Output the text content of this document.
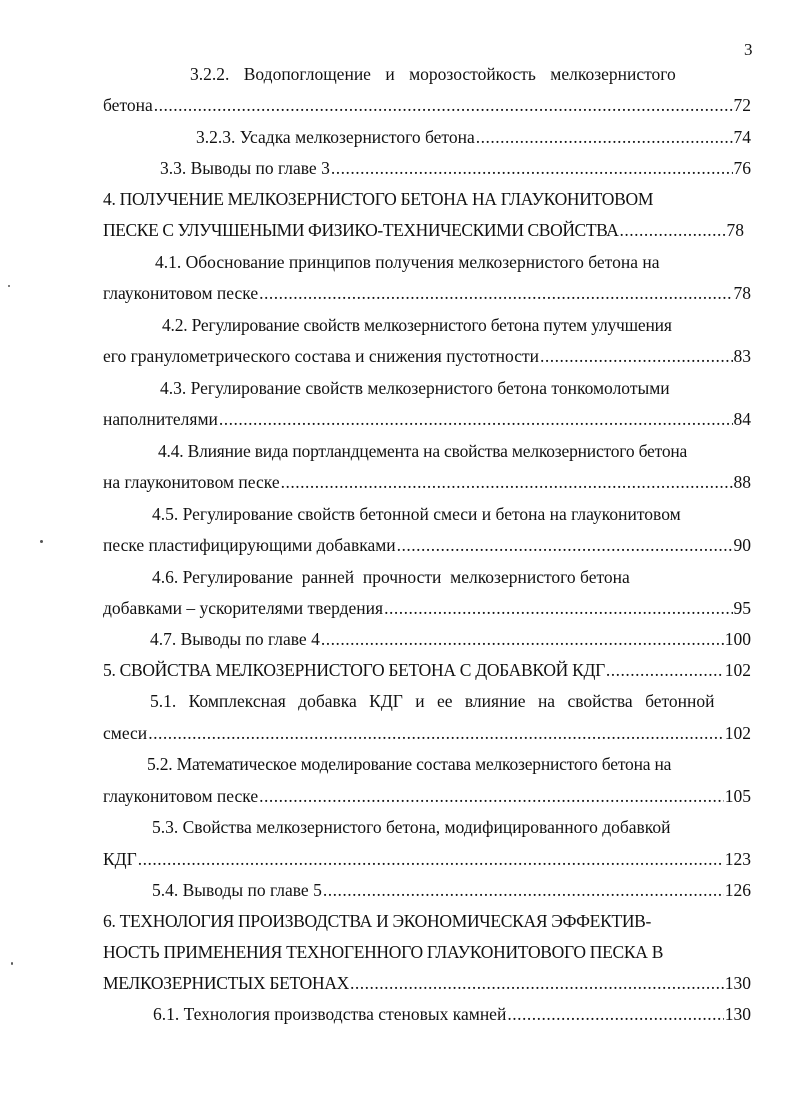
3
3.2.2. Водопоглощение и морозостойкость мелкозернистого
бетона .....	72
3.2.3. Усадка мелкозернистого бетона .....	74
3.3. Выводы по главе 3 .....	76
4. ПОЛУЧЕНИЕ МЕЛКОЗЕРНИСТОГО БЕТОНА НА ГЛАУКОНИТОВОМ
ПЕСКЕ С УЛУЧШЕНЫМИ ФИЗИКО-ТЕХНИЧЕСКИМИ СВОЙСТВА .....	78
4.1. Обоснование принципов получения мелкозернистого бетона на
глауконитовом песке .....	78
4.2. Регулирование свойств мелкозернистого бетона путем улучшения
его гранулометрического состава и снижения пустотности .....	83
4.3. Регулирование свойств мелкозернистого бетона тонкомолотыми
наполнителями .....	84
4.4. Влияние вида портландцемента на свойства мелкозернистого бетона
на глауконитовом песке .....	88
4.5. Регулирование свойств бетонной смеси и бетона на глауконитовом
песке пластифицирующими добавками .....	90
4.6. Регулирование  ранней  прочности  мелкозернистого бетона
добавками – ускорителями твердения .....	95
4.7. Выводы по главе 4 .....	100
5. СВОЙСТВА МЕЛКОЗЕРНИСТОГО БЕТОНА С ДОБАВКОЙ КДГ .....	102
5.1. Комплексная добавка КДГ и ее влияние на свойства бетонной
смеси .....	102
5.2. Математическое моделирование состава мелкозернистого бетона на
глауконитовом песке .....	105
5.3. Свойства мелкозернистого бетона, модифицированного добавкой
КДГ .....	123
5.4. Выводы по главе 5 .....	126
6. ТЕХНОЛОГИЯ ПРОИЗВОДСТВА И ЭКОНОМИЧЕСКАЯ ЭФФЕКТИВ-
НОСТЬ ПРИМЕНЕНИЯ ТЕХНОГЕННОГО ГЛАУКОНИТОВОГО ПЕСКА В
МЕЛКОЗЕРНИСТЫХ БЕТОНАХ .....	130
6.1. Технология производства стеновых камней .....	130
